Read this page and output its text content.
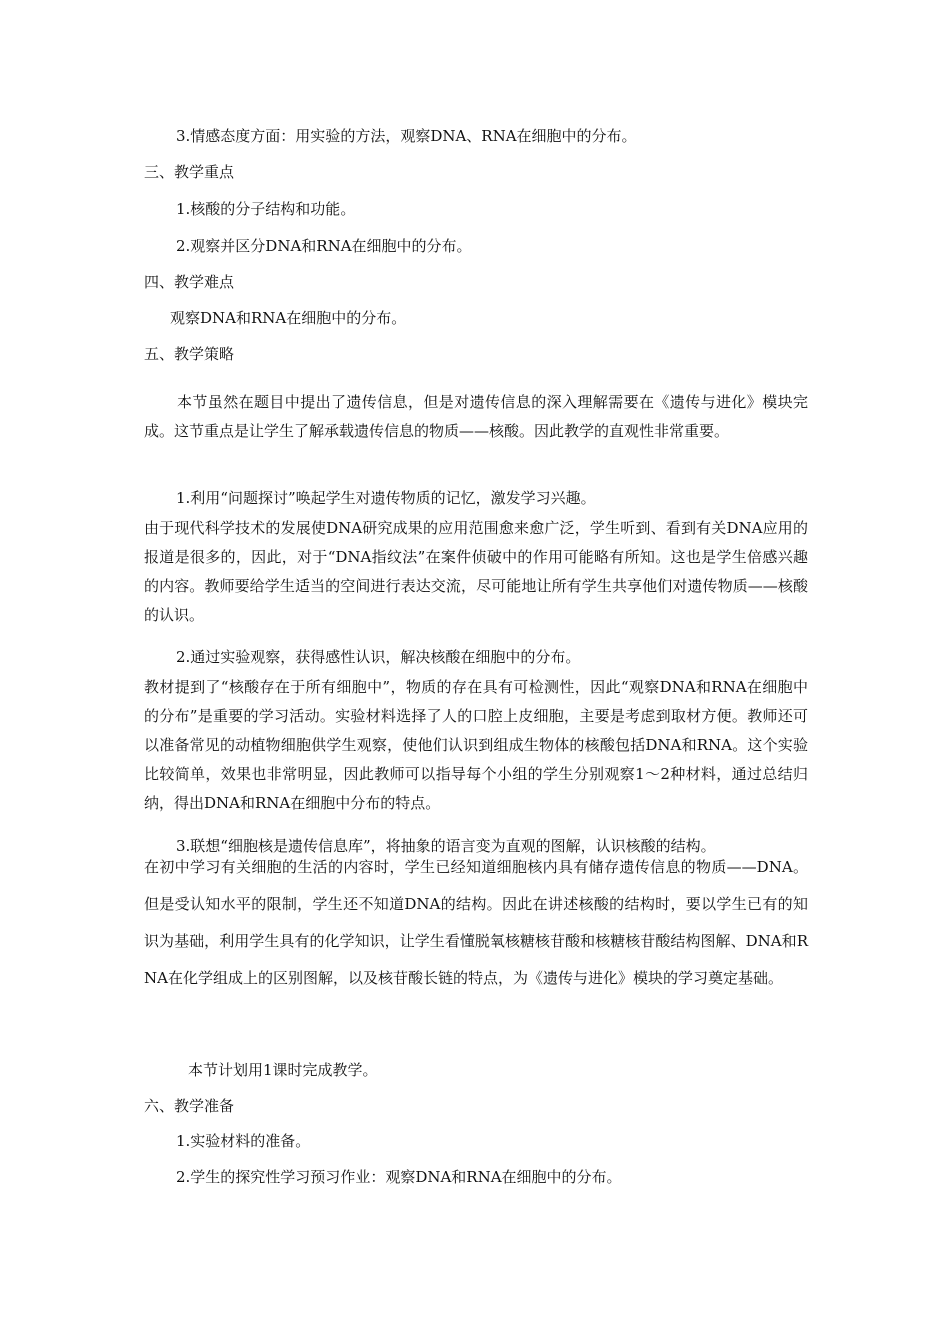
3.情感态度方面：用实验的方法，观察DNA、RNA在细胞中的分布。
三、教学重点
1.核酸的分子结构和功能。
2.观察并区分DNA和RNA在细胞中的分布。
四、教学难点
观察DNA和RNA在细胞中的分布。
五、教学策略
本节虽然在题目中提出了遗传信息，但是对遗传信息的深入理解需要在《遗传与进化》模块完成。这节重点是让学生了解承载遗传信息的物质——核酸。因此教学的直观性非常重要。
1.利用“问题探讨”唤起学生对遗传物质的记忆，激发学习兴趣。
由于现代科学技术的发展使DNA研究成果的应用范围愈来愈广泛，学生听到、看到有关DNA应用的报道是很多的，因此，对于“DNA指纹法”在案件侦破中的作用可能略有所知。这也是学生倍感兴趣的内容。教师要给学生适当的空间进行表达交流，尽可能地让所有学生共享他们对遗传物质——核酸的认识。
2.通过实验观察，获得感性认识，解决核酸在细胞中的分布。
教材提到了“核酸存在于所有细胞中”，物质的存在具有可检测性，因此“观察DNA和RNA在细胞中的分布”是重要的学习活动。实验材料选择了人的口腔上皮细胞，主要是考虑到取材方便。教师还可以准备常见的动植物细胞供学生观察，使他们认识到组成生物体的核酸包括DNA和RNA。这个实验比较简单，效果也非常明显，因此教师可以指导每个小组的学生分别观察1～2种材料，通过总结归纳，得出DNA和RNA在细胞中分布的特点。
3.联想“细胞核是遗传信息库”，将抽象的语言变为直观的图解，认识核酸的结构。
在初中学习有关细胞的生活的内容时，学生已经知道细胞核内具有储存遗传信息的物质——DNA。但是受认知水平的限制，学生还不知道DNA的结构。因此在讲述核酸的结构时，要以学生已有的知识为基础，利用学生具有的化学知识，让学生看懂脱氧核糖核苷酸和核糖核苷酸结构图解、DNA和RNA在化学组成上的区别图解，以及核苷酸长链的特点，为《遗传与进化》模块的学习奠定基础。
本节计划用1课时完成教学。
六、教学准备
1.实验材料的准备。
2.学生的探究性学习预习作业：观察DNA和RNA在细胞中的分布。
